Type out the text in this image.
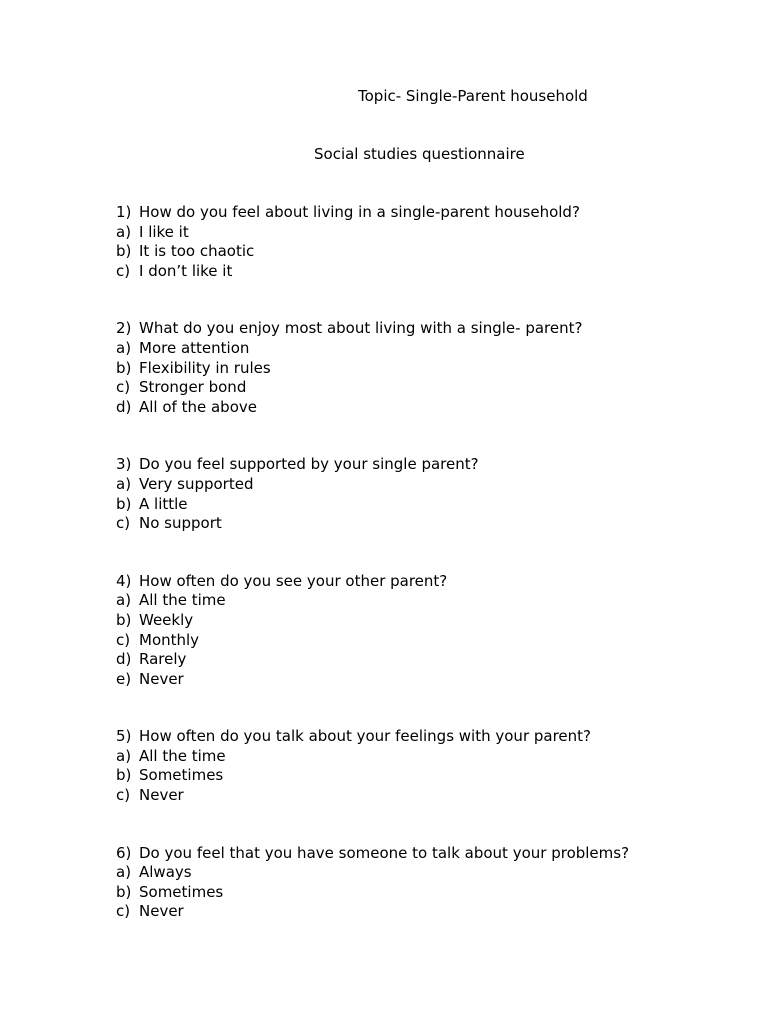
Topic- Single-Parent household
Social studies questionnaire
1) How do you feel about living in a single-parent household?
a) I like it
b) It is too chaotic
c) I don’t like it
2) What do you enjoy most about living with a single- parent?
a) More attention
b) Flexibility in rules
c) Stronger bond
d) All of the above
3) Do you feel supported by your single parent?
a) Very supported
b) A little
c) No support
4) How often do you see your other parent?
a) All the time
b) Weekly
c) Monthly
d) Rarely
e) Never
5) How often do you talk about your feelings with your parent?
a) All the time
b) Sometimes
c) Never
6) Do you feel that you have someone to talk about your problems?
a) Always
b) Sometimes
c) Never
